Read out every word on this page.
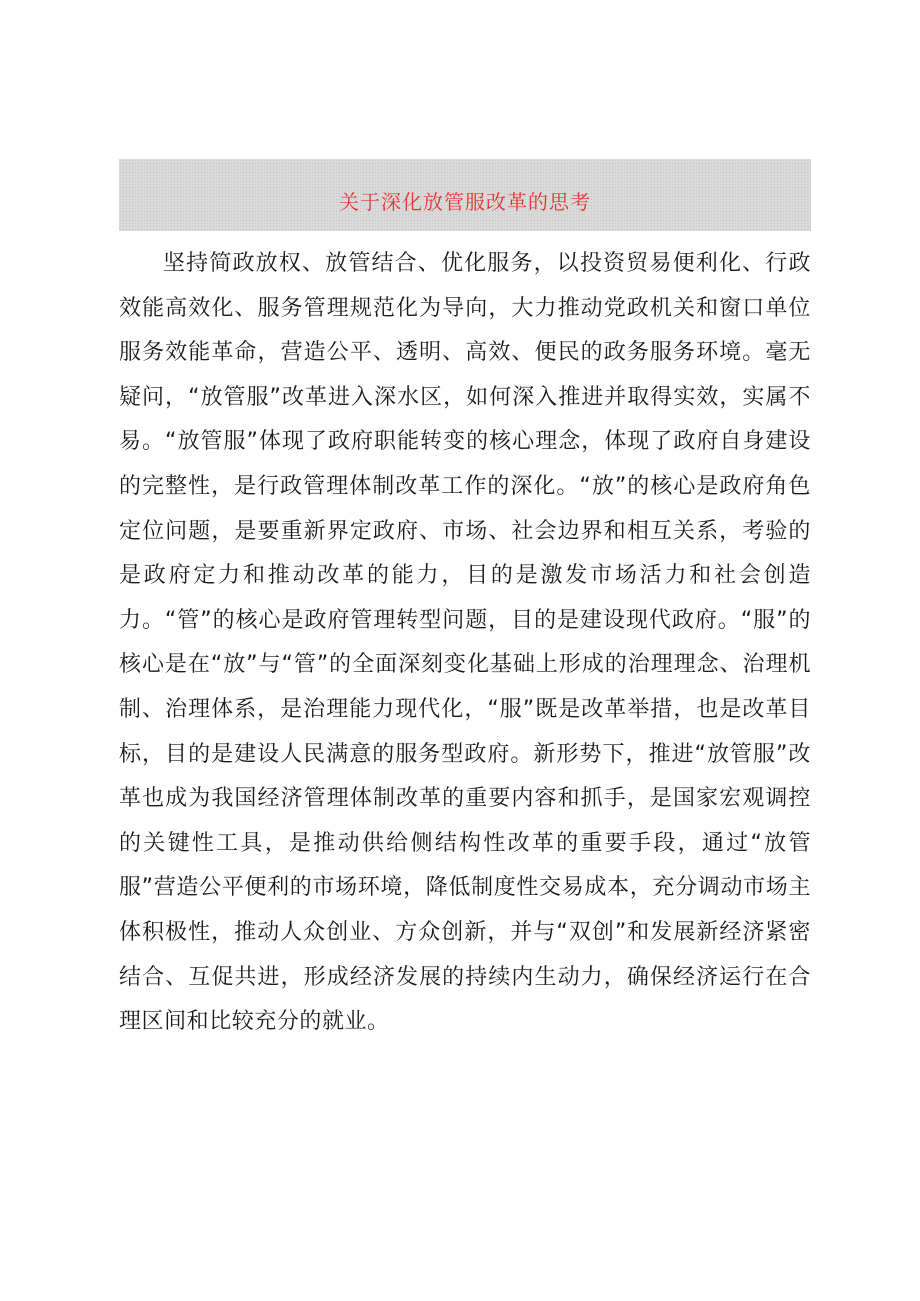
关于深化放管服改革的思考

坚持简政放权、放管结合、优化服务，以投资贸易便利化、行政效能高效化、服务管理规范化为导向，大力推动党政机关和窗口单位服务效能革命，营造公平、透明、高效、便民的政务服务环境。毫无疑问，“放管服”改革进入深水区，如何深入推进并取得实效，实属不易。“放管服”体现了政府职能转变的核心理念，体现了政府自身建设的完整性，是行政管理体制改革工作的深化。“放”的核心是政府角色定位问题，是要重新界定政府、市场、社会边界和相互关系，考验的是政府定力和推动改革的能力，目的是激发市场活力和社会创造力。“管”的核心是政府管理转型问题，目的是建设现代政府。“服”的核心是在“放”与“管”的全面深刻变化基础上形成的治理理念、治理机制、治理体系，是治理能力现代化，“服”既是改革举措，也是改革目标，目的是建设人民满意的服务型政府。新形势下，推进“放管服”改革也成为我国经济管理体制改革的重要内容和抓手，是国家宏观调控的关键性工具，是推动供给侧结构性改革的重要手段，通过“放管服”营造公平便利的市场环境，降低制度性交易成本，充分调动市场主体积极性，推动人众创业、方众创新，并与“双创”和发展新经济紧密结合、互促共进，形成经济发展的持续内生动力，确保经济运行在合理区间和比较充分的就业。
